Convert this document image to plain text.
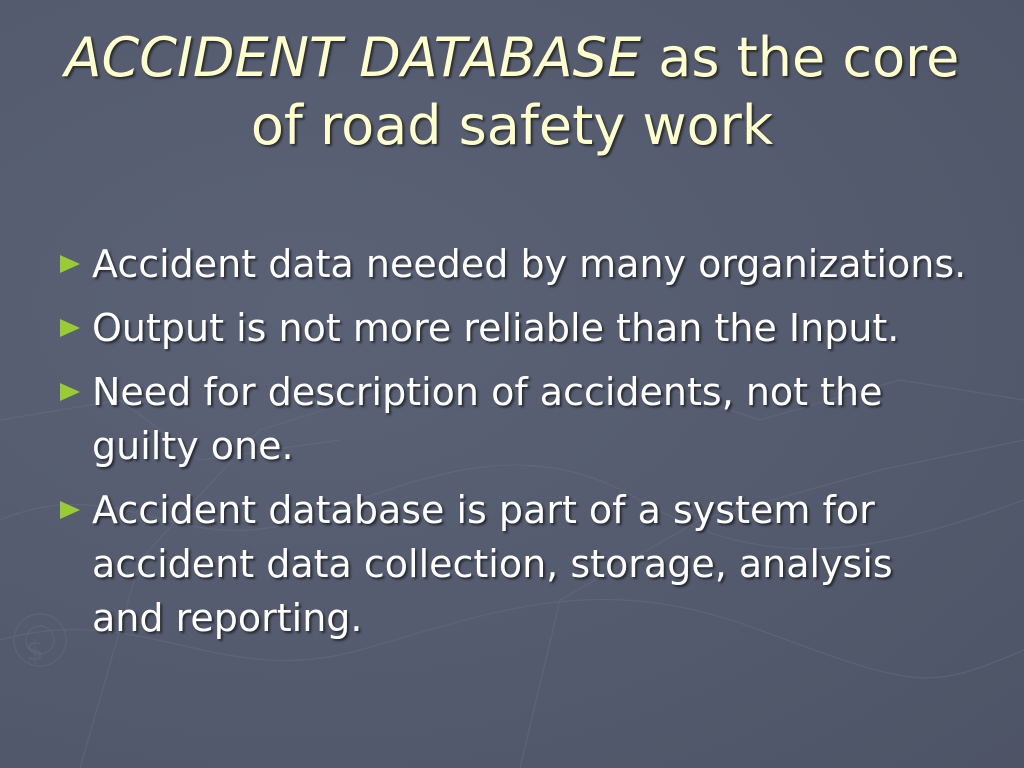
$
ACCIDENT DATABASE as the core
of road safety work
Accident data needed by many organizations.
Output is not more reliable than the Input.
Need for description of accidents, not the guilty one.
Accident database is part of a system for accident data collection, storage, analysis and reporting.
